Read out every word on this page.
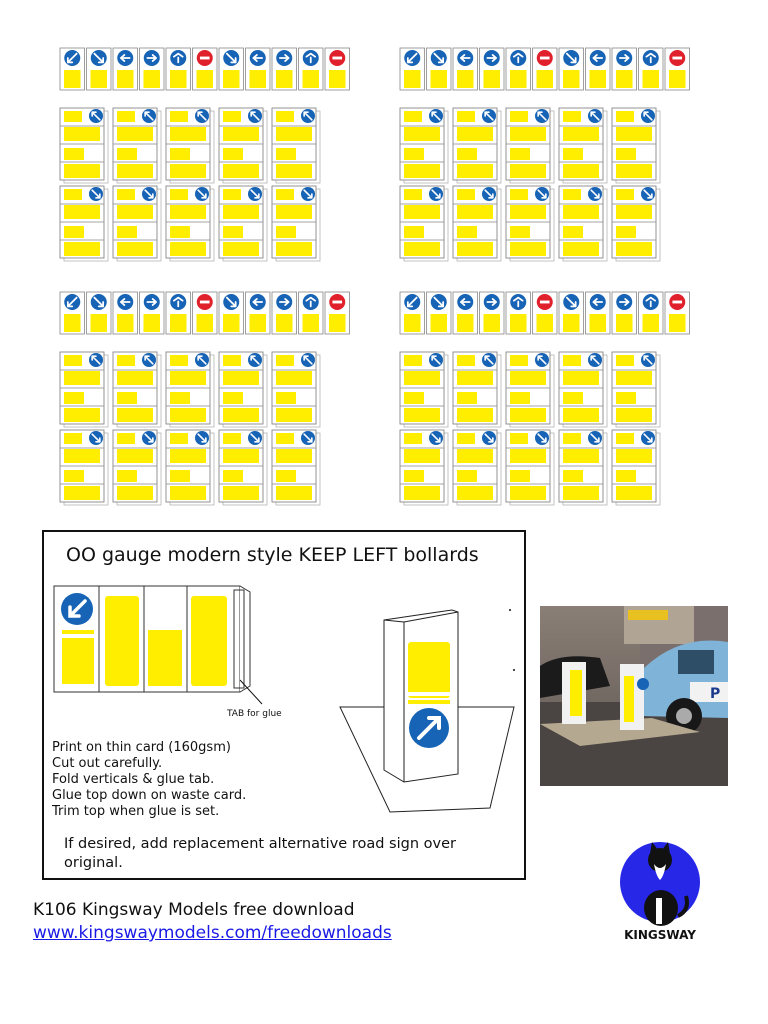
OO gauge modern style KEEP LEFT bollards
TAB for glue
Print on thin card (160gsm)
Cut out carefully.
Fold verticals & glue tab.
Glue top down on waste card.
Trim top when glue is set.
If desired, add replacement alternative road sign over original.
P
K106 Kingsway Models free download
www.kingswaymodels.com/freedownloads	KINGSWAY
